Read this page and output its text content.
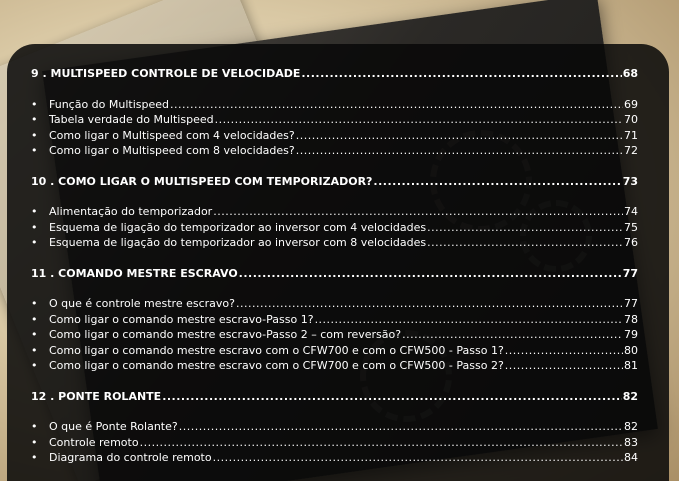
9 . MULTISPEED CONTROLE DE VELOCIDADE .....	68
• Função do Multispeed .....	69
• Tabela verdade do Multispeed .....	70
• Como ligar o Multispeed com 4 velocidades? .....	71
• Como ligar o Multispeed com 8 velocidades? .....	72
10 . COMO LIGAR O MULTISPEED COM TEMPORIZADOR? .....	73
• Alimentação do temporizador .....	74
• Esquema de ligação do temporizador ao inversor com 4 velocidades .....	75
• Esquema de ligação do temporizador ao inversor com 8 velocidades .....	76
11 . COMANDO MESTRE ESCRAVO .....	77
• O que é controle mestre escravo? .....	77
• Como ligar o comando mestre escravo-Passo 1? .....	78
• Como ligar o comando mestre escravo-Passo 2 – com reversão? .....	79
• Como ligar o comando mestre escravo com o CFW700 e com o CFW500 - Passo 1? .....	80
• Como ligar o comando mestre escravo com o CFW700 e com o CFW500 - Passo 2? .....	81
12 . PONTE ROLANTE .....	82
• O que é Ponte Rolante? .....	82
• Controle remoto .....	83
• Diagrama do controle remoto .....	84
